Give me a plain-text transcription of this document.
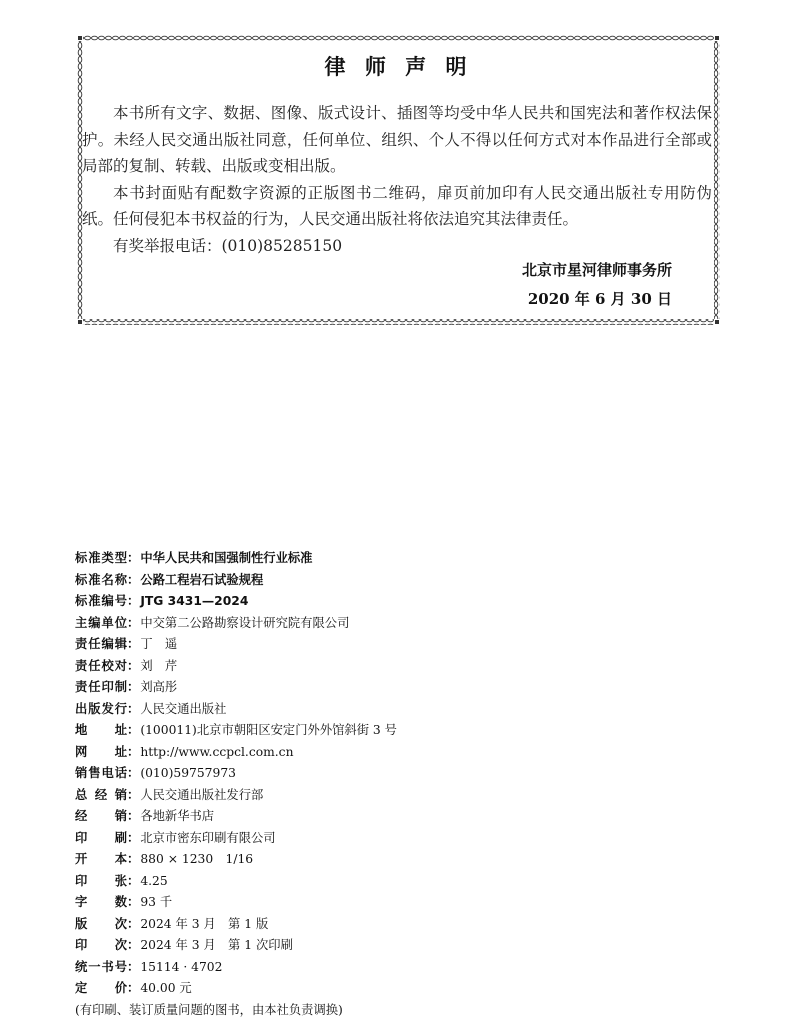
律 师 声 明

本书所有文字、数据、图像、版式设计、插图等均受中华人民共和国宪法和著作权法保护。未经人民交通出版社同意，任何单位、组织、个人不得以任何方式对本作品进行全部或局部的复制、转载、出版或变相出版。

本书封面贴有配数字资源的正版图书二维码，扉页前加印有人民交通出版社专用防伪纸。任何侵犯本书权益的行为，人民交通出版社将依法追究其法律责任。

有奖举报电话：(010)85285150

北京市星河律师事务所
2020 年 6 月 30 日
标准类型 ： 中华人民共和国强制性行业标准
标准名称 ： 公路工程岩石试验规程
标准编号 ： JTG 3431—2024
主编单位 ： 中交第二公路勘察设计研究院有限公司
责任编辑 ： 丁　遥
责任校对 ： 刘　芹
责任印制 ： 刘高彤
出版发行 ： 人民交通出版社
地址 ： (100011)北京市朝阳区安定门外外馆斜街 3 号
网址 ： http://www.ccpcl.com.cn
销售电话 ： (010)59757973
总经销 ： 人民交通出版社发行部
经销 ： 各地新华书店
印刷 ： 北京市密东印刷有限公司
开本 ： 880 × 1230　1/16
印张 ： 4.25
字数 ： 93 千
版次 ： 2024 年 3 月　第 1 版
印次 ： 2024 年 3 月　第 1 次印刷
统一书号 ： 15114 · 4702
定价 ： 40.00 元
(有印刷、装订质量问题的图书，由本社负责调换)
